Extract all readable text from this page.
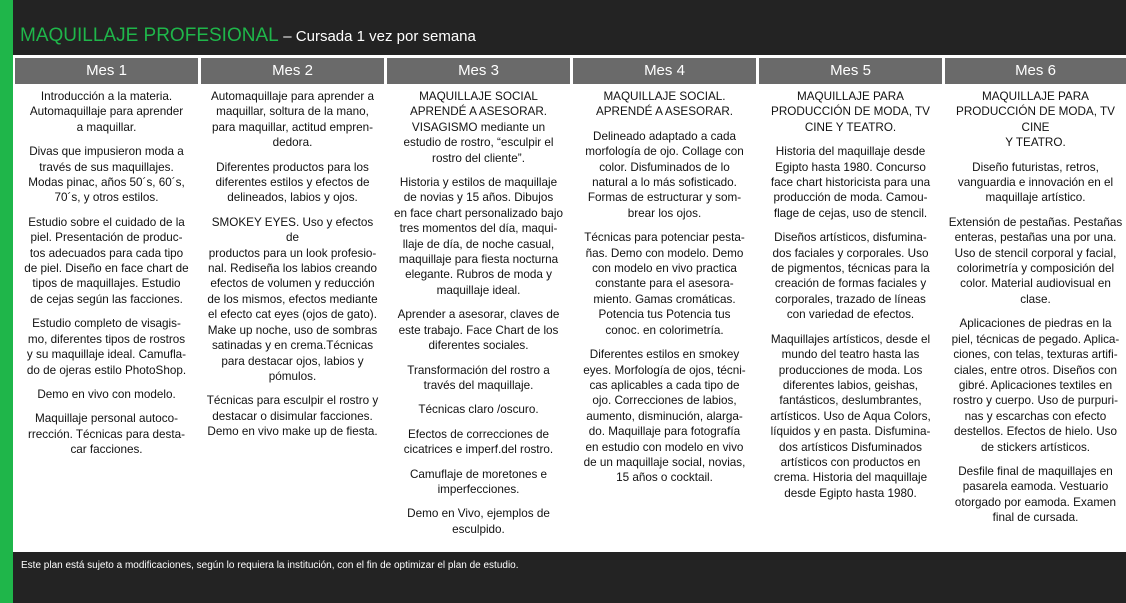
MAQUILLAJE PROFESIONAL – Cursada 1 vez por semana
Mes 1

Introducción a la materia.
Automaquillaje para aprender
a maquillar.

Divas que impusieron moda a
través de sus maquillajes.
Modas pinac, años 50´s, 60´s,
70´s, y otros estilos.

Estudio sobre el cuidado de la
piel. Presentación de produc-
tos adecuados para cada tipo
de piel. Diseño en face chart de
tipos de maquillajes. Estudio
de cejas según las facciones.

Estudio completo de visagis-
mo, diferentes tipos de rostros
y su maquillaje ideal. Camufla-
do de ojeras estilo PhotoShop.

Demo en vivo con modelo.

Maquillaje personal autoco-
rrección. Técnicas para desta-
car facciones.

Mes 2

Automaquillaje para aprender a
maquillar, soltura de la mano,
para maquillar, actitud empren-
dedora.

Diferentes productos para los
diferentes estilos y efectos de
delineados, labios y ojos.

SMOKEY EYES. Uso y efectos de
productos para un look profesio-
nal. Rediseña los labios creando
efectos de volumen y reducción
de los mismos, efectos mediante
el efecto cat eyes (ojos de gato).
Make up noche, uso de sombras
satinadas y en crema.Técnicas
para destacar ojos, labios y
pómulos.

Técnicas para esculpir el rostro y
destacar o disimular facciones.
Demo en vivo make up de fiesta.

Mes 3

MAQUILLAJE SOCIAL
APRENDÉ A ASESORAR.
VISAGISMO mediante un
estudio de rostro, “esculpir el
rostro del cliente”.

Historia y estilos de maquillaje
de novias y 15 años. Dibujos
en face chart personalizado bajo
tres momentos del día, maqui-
llaje de día, de noche casual,
maquillaje para fiesta nocturna
elegante. Rubros de moda y
maquillaje ideal.

Aprender a asesorar, claves de
este trabajo. Face Chart de los
diferentes sociales.

Transformación del rostro a
través del maquillaje.

Técnicas claro /oscuro.

Efectos de correcciones de
cicatrices e imperf.del rostro.

Camuflaje de moretones e
imperfecciones.

Demo en Vivo, ejemplos de
esculpido.

Mes 4

MAQUILLAJE SOCIAL.
APRENDÉ A ASESORAR.

Delineado adaptado a cada
morfología de ojo. Collage con
color. Disfuminados de lo
natural a lo más sofisticado.
Formas de estructurar y som-
brear los ojos.

Técnicas para potenciar pesta-
ñas. Demo con modelo. Demo
con modelo en vivo practica
constante para el asesora-
miento. Gamas cromáticas.
Potencia tus Potencia tus
conoc. en colorimetría.

Diferentes estilos en smokey
eyes. Morfología de ojos, técni-
cas aplicables a cada tipo de
ojo. Correcciones de labios,
aumento, disminución, alarga-
do. Maquillaje para fotografía
en estudio con modelo en vivo
de un maquillaje social, novias,
15 años o cocktail.

Mes 5

MAQUILLAJE PARA
PRODUCCIÓN DE MODA, TV
CINE Y TEATRO.

Historia del maquillaje desde
Egipto hasta 1980. Concurso
face chart historicista para una
producción de moda. Camou-
flage de cejas, uso de stencil.

Diseños artísticos, disfumina-
dos faciales y corporales. Uso
de pigmentos, técnicas para la
creación de formas faciales y
corporales, trazado de líneas
con variedad de efectos.

Maquillajes artísticos, desde el
mundo del teatro hasta las
producciones de moda. Los
diferentes labios, geishas,
fantásticos, deslumbrantes,
artísticos. Uso de Aqua Colors,
líquidos y en pasta. Disfumina-
dos artísticos Disfuminados
artísticos con productos en
crema. Historia del maquillaje
desde Egipto hasta 1980.

Mes 6

MAQUILLAJE PARA
PRODUCCIÓN DE MODA, TV CINE
Y TEATRO.

Diseño futuristas, retros,
vanguardia e innovación en el
maquillaje artístico.

Extensión de pestañas. Pestañas
enteras, pestañas una por una.
Uso de stencil corporal y facial,
colorimetría y composición del
color. Material audiovisual en clase.

Aplicaciones de piedras en la
piel, técnicas de pegado. Aplica-
ciones, con telas, texturas artifi-
ciales, entre otros. Diseños con
gibré. Aplicaciones textiles en
rostro y cuerpo. Uso de purpuri-
nas y escarchas con efecto
destellos. Efectos de hielo. Uso
de stickers artísticos.

Desfile final de maquillajes en
pasarela eamoda. Vestuario
otorgado por eamoda. Examen
final de cursada.

Este plan está sujeto a modificaciones, según lo requiera la institución, con el fin de optimizar el plan de estudio.
